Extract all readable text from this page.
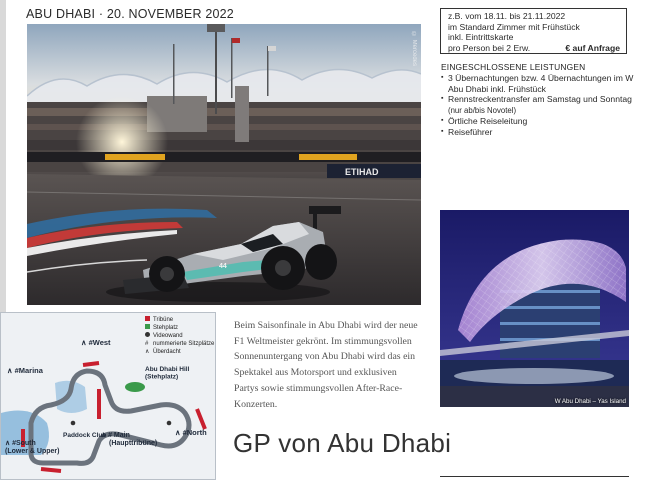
ABU DHABI · 20. NOVEMBER 2022
ETIHAD
44
© Mercedes
z.B. vom 18.11. bis 21.11.2022
im Standard Zimmer mit Frühstück
inkl. Eintrittskarte
pro Person bei 2 Erw.	€ auf Anfrage
EINGESCHLOSSENE LEISTUNGEN
▪ 3 Übernachtungen bzw. 4 Übernachtungen im W Abu Dhabi inkl. Frühstück
▪ Rennstreckentransfer am Samstag und Sonntag
(nur ab/bis Novotel)
▪ Örtliche Reiseleitung
▪ Reiseführer
W Abu Dhabi – Yas Island

Beim Saisonfinale in Abu Dhabi wird der neue F1 Weltmeister gekrönt. Im stimmungsvollen Sonnenuntergang von Abu Dhabi wird das ein Spektakel aus Motorsport und exklusiven Partys sowie stimmungsvollen After-Race-Konzerten.

GP von Abu Dhabi
Tribüne
Stehplatz
Videowand
# nummerierte Sitzplätze
∧ Überdacht
∧ #West
∧ #Marina	Abu Dhabi Hill (Stehplatz)
Paddock Club
∧ # Main (Haupttribüne)
∧ #North
∧ #South (Lower & Upper)
